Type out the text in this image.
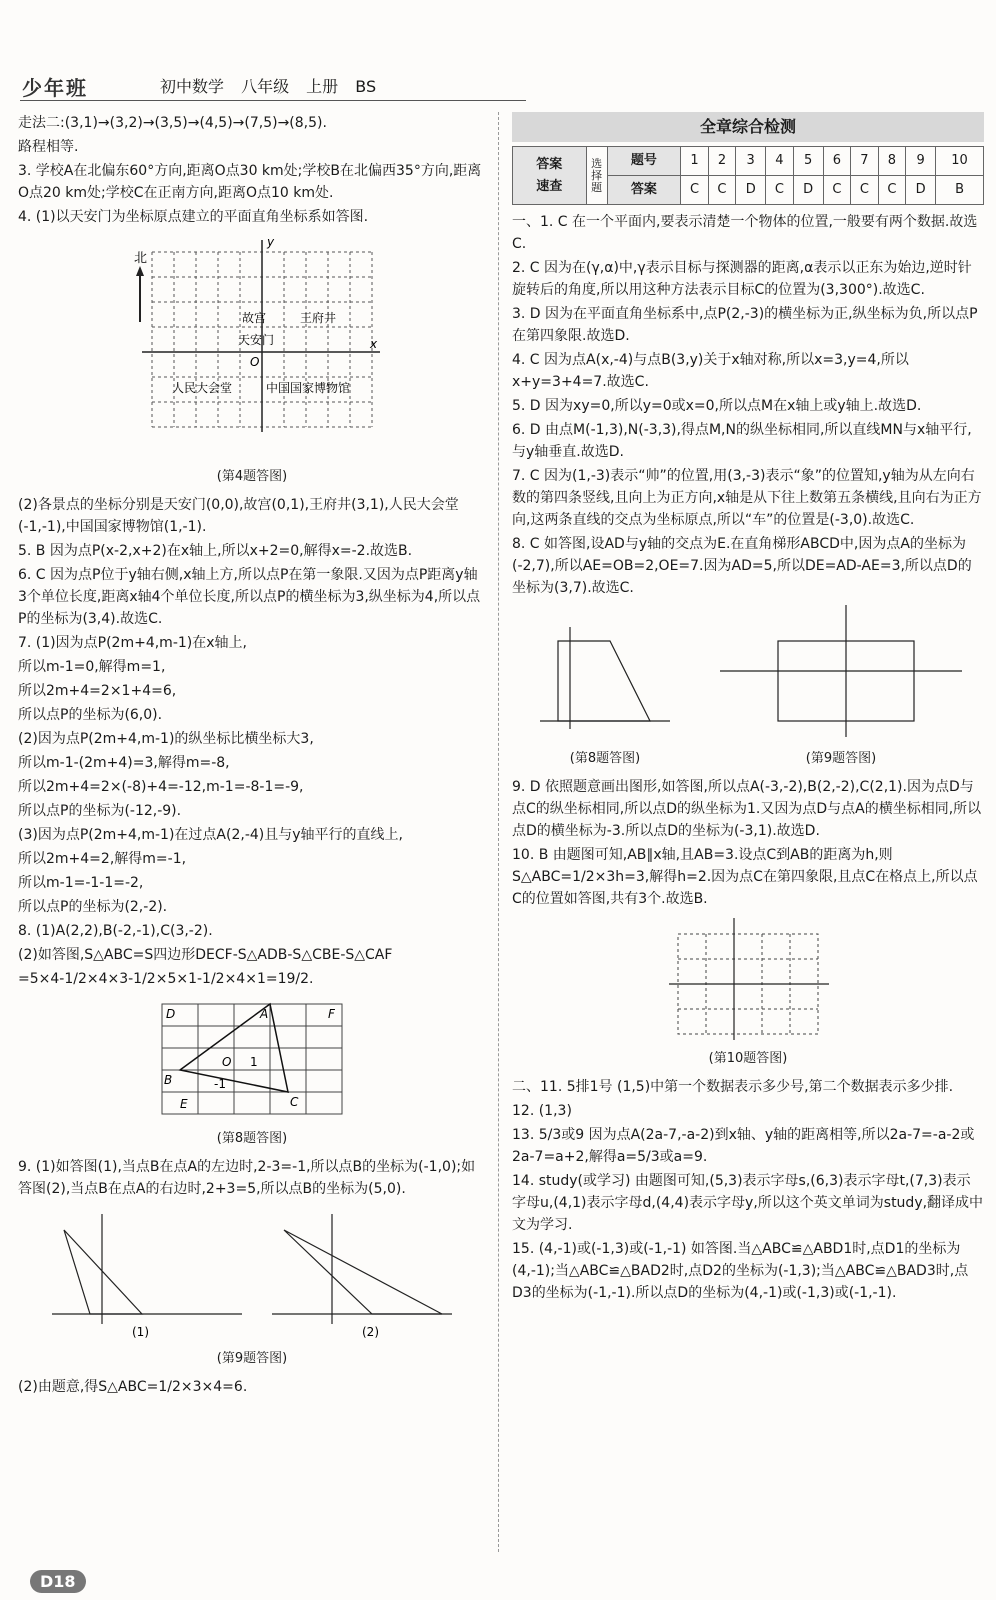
少年班	初中数学 八年级 上册 BS

走法二:(3,1)→(3,2)→(3,5)→(4,5)→(7,5)→(8,5).

路程相等.

3. 学校A在北偏东60°方向,距离O点30 km处;学校B在北偏西35°方向,距离O点20 km处;学校C在正南方向,距离O点10 km处.

4. (1)以天安门为坐标原点建立的平面直角坐标系如答图.

北
y
x
O
故宫	王府井
天安门
人民大会堂	中国国家博物馆

(第4题答图)

(2)各景点的坐标分别是天安门(0,0),故宫(0,1),王府井(3,1),人民大会堂(-1,-1),中国国家博物馆(1,-1).

5. B 因为点P(x-2,x+2)在x轴上,所以x+2=0,解得x=-2.故选B.

6. C 因为点P位于y轴右侧,x轴上方,所以点P在第一象限.又因为点P距离y轴3个单位长度,距离x轴4个单位长度,所以点P的横坐标为3,纵坐标为4,所以点P的坐标为(3,4).故选C.

7. (1)因为点P(2m+4,m-1)在x轴上,

所以m-1=0,解得m=1,

所以2m+4=2×1+4=6,

所以点P的坐标为(6,0).

(2)因为点P(2m+4,m-1)的纵坐标比横坐标大3,

所以m-1-(2m+4)=3,解得m=-8,

所以2m+4=2×(-8)+4=-12,m-1=-8-1=-9,

所以点P的坐标为(-12,-9).

(3)因为点P(2m+4,m-1)在过点A(2,-4)且与y轴平行的直线上,

所以2m+4=2,解得m=-1,

所以m-1=-1-1=-2,

所以点P的坐标为(2,-2).

8. (1)A(2,2),B(-2,-1),C(3,-2).

(2)如答图,S△ABC=S四边形DECF-S△ADB-S△CBE-S△CAF

=5×4-1/2×4×3-1/2×5×1-1/2×4×1=19/2.

D	A	F
B
E	C
O 1
-1

(第8题答图)

9. (1)如答图(1),当点B在点A的左边时,2-3=-1,所以点B的坐标为(-1,0);如答图(2),当点B在点A的右边时,2+3=5,所以点B的坐标为(5,0).

(1)	(2)

(第9题答图)

(2)由题意,得S△ABC=1/2×3×4=6.

全章综合检测
答案
速查	选择题	题号	1	2	3	4	5	6	7	8	9	10
		答案	C	C	D	C	D	C	C	C	D	B

一、1. C 在一个平面内,要表示清楚一个物体的位置,一般要有两个数据.故选C.

2. C 因为在(γ,α)中,γ表示目标与探测器的距离,α表示以正东为始边,逆时针旋转后的角度,所以用这种方法表示目标C的位置为(3,300°).故选C.

3. D 因为在平面直角坐标系中,点P(2,-3)的横坐标为正,纵坐标为负,所以点P在第四象限.故选D.

4. C 因为点A(x,-4)与点B(3,y)关于x轴对称,所以x=3,y=4,所以x+y=3+4=7.故选C.

5. D 因为xy=0,所以y=0或x=0,所以点M在x轴上或y轴上.故选D.

6. D 由点M(-1,3),N(-3,3),得点M,N的纵坐标相同,所以直线MN与x轴平行,与y轴垂直.故选D.

7. C 因为(1,-3)表示“帅”的位置,用(3,-3)表示“象”的位置知,y轴为从左向右数的第四条竖线,且向上为正方向,x轴是从下往上数第五条横线,且向右为正方向,这两条直线的交点为坐标原点,所以“车”的位置是(-3,0).故选C.

8. C 如答图,设AD与y轴的交点为E.在直角梯形ABCD中,因为点A的坐标为(-2,7),所以AE=OB=2,OE=7.因为AD=5,所以DE=AD-AE=3,所以点D的坐标为(3,7).故选C.

(第8题答图)	(第9题答图)

9. D 依照题意画出图形,如答图,所以点A(-3,-2),B(2,-2),C(2,1).因为点D与点C的纵坐标相同,所以点D的纵坐标为1.又因为点D与点A的横坐标相同,所以点D的横坐标为-3.所以点D的坐标为(-3,1).故选D.

10. B 由题图可知,AB∥x轴,且AB=3.设点C到AB的距离为h,则S△ABC=1/2×3h=3,解得h=2.因为点C在第四象限,且点C在格点上,所以点C的位置如答图,共有3个.故选B.

(第10题答图)

二、11. 5排1号 (1,5)中第一个数据表示多少号,第二个数据表示多少排.

12. (1,3)

13. 5/3或9 因为点A(2a-7,-a-2)到x轴、y轴的距离相等,所以2a-7=-a-2或2a-7=a+2,解得a=5/3或a=9.

14. study(或学习) 由题图可知,(5,3)表示字母s,(6,3)表示字母t,(7,3)表示字母u,(4,1)表示字母d,(4,4)表示字母y,所以这个英文单词为study,翻译成中文为学习.

15. (4,-1)或(-1,3)或(-1,-1) 如答图.当△ABC≌△ABD1时,点D1的坐标为(4,-1);当△ABC≌△BAD2时,点D2的坐标为(-1,3);当△ABC≌△BAD3时,点D3的坐标为(-1,-1).所以点D的坐标为(4,-1)或(-1,3)或(-1,-1).

D18
